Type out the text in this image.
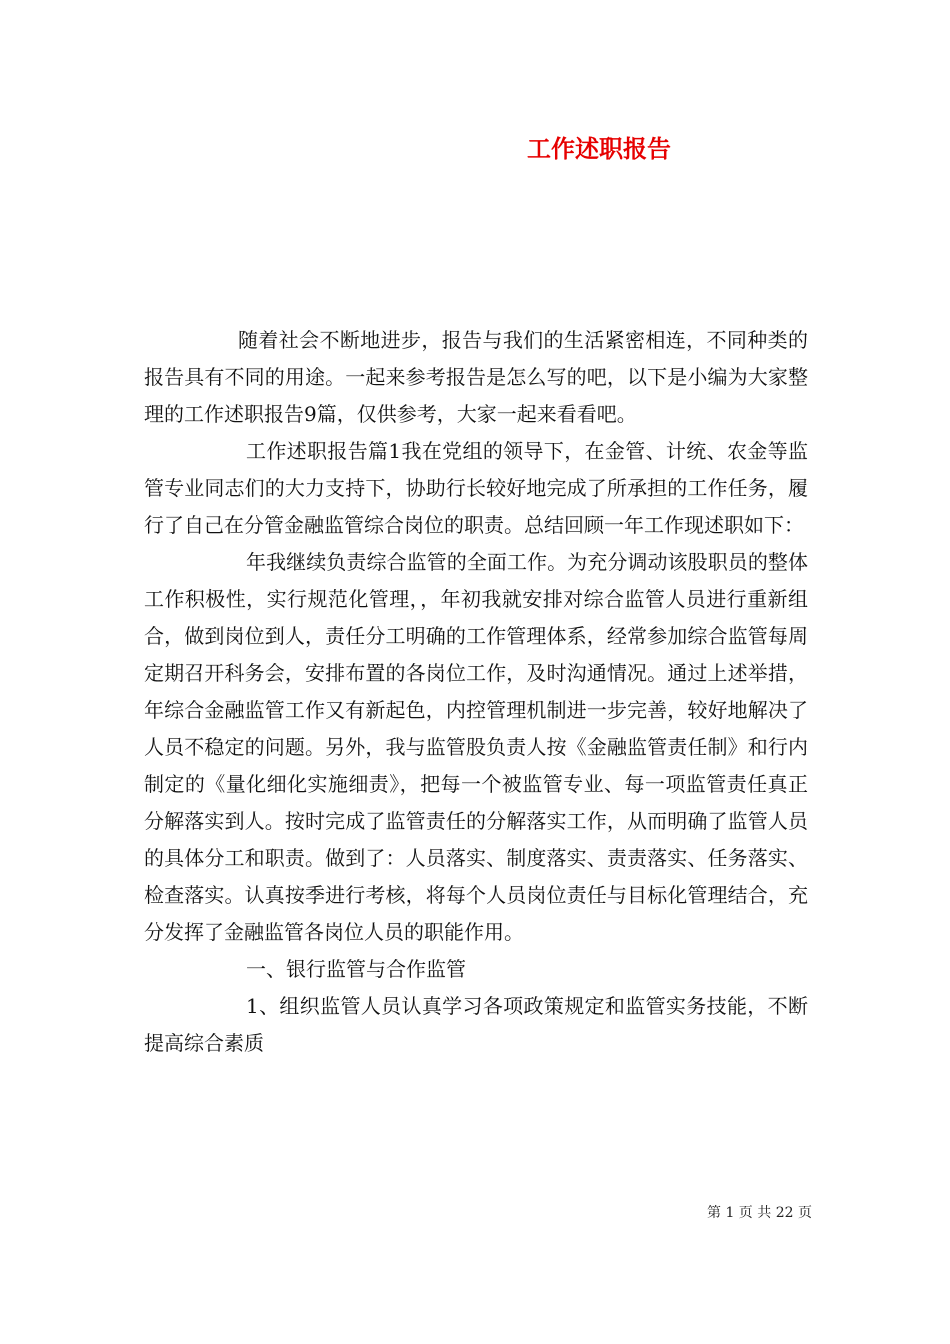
工作述职报告

随着社会不断地进步，报告与我们的生活紧密相连，不同种类的报告具有不同的用途。一起来参考报告是怎么写的吧，以下是小编为大家整理的工作述职报告9篇，仅供参考，大家一起来看看吧。

工作述职报告篇1我在党组的领导下，在金管、计统、农金等监管专业同志们的大力支持下，协助行长较好地完成了所承担的工作任务，履行了自己在分管金融监管综合岗位的职责。总结回顾一年工作现述职如下：

年我继续负责综合监管的全面工作。为充分调动该股职员的整体工作积极性，实行规范化管理，，年初我就安排对综合监管人员进行重新组合，做到岗位到人，责任分工明确的工作管理体系，经常参加综合监管每周定期召开科务会，安排布置的各岗位工作，及时沟通情况。通过上述举措，年综合金融监管工作又有新起色，内控管理机制进一步完善，较好地解决了人员不稳定的问题。另外，我与监管股负责人按《金融监管责任制》和行内制定的《量化细化实施细责》，把每一个被监管专业、每一项监管责任真正分解落实到人。按时完成了监管责任的分解落实工作，从而明确了监管人员的具体分工和职责。做到了：人员落实、制度落实、责责落实、任务落实、检查落实。认真按季进行考核，将每个人员岗位责任与目标化管理结合，充分发挥了金融监管各岗位人员的职能作用。

一、银行监管与合作监管

1、组织监管人员认真学习各项政策规定和监管实务技能，不断提高综合素质

第 1 页 共 22 页
